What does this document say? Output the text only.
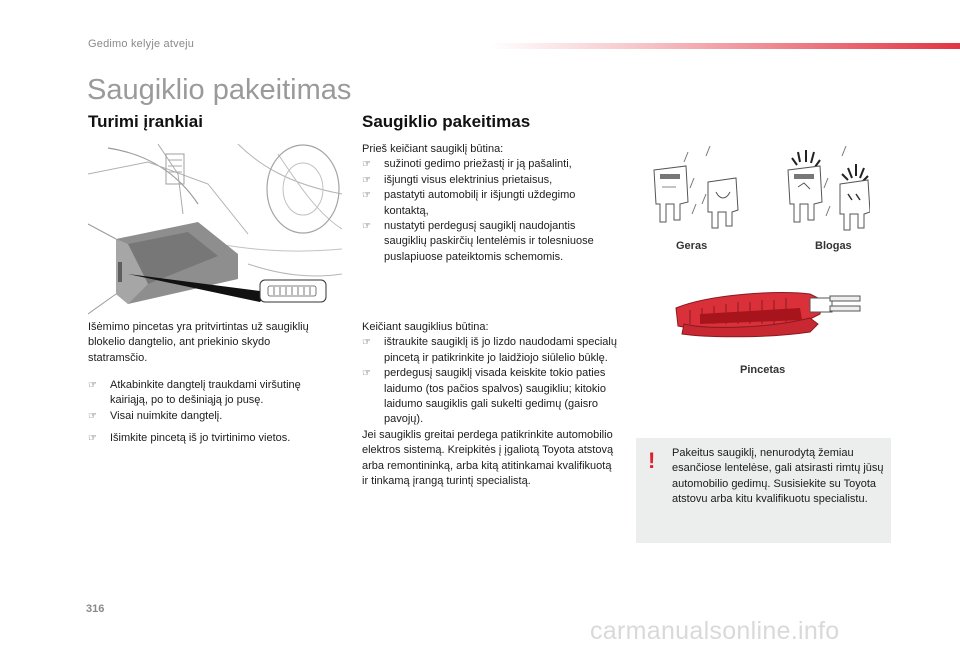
Gedimo kelyje atveju
Saugiklio pakeitimas
Turimi įrankiai
Išėmimo pincetas yra pritvirtintas už saugiklių blokelio dangtelio, ant priekinio skydo statramsčio.
☞ Atkabinkite dangtelį traukdami viršutinę kairiąją, po to dešiniąją jo pusę.
☞ Visai nuimkite dangtelį.
☞ Išimkite pincetą iš jo tvirtinimo vietos.
Saugiklio pakeitimas
Prieš keičiant saugiklį būtina:
☞ sužinoti gedimo priežastį ir ją pašalinti,
☞ išjungti visus elektrinius prietaisus,
☞ pastatyti automobilį ir išjungti uždegimo kontaktą,
☞ nustatyti perdegusį saugiklį naudojantis saugiklių paskirčių lentelėmis ir tolesniuose puslapiuose pateiktomis schemomis.
Keičiant saugiklius būtina:
☞ ištraukite saugiklį iš jo lizdo naudodami specialų pincetą ir patikrinkite jo laidžiojo siūlelio būklę.
☞ perdegusį saugiklį visada keiskite tokio paties laidumo (tos pačios spalvos) saugikliu; kitokio laidumo saugiklis gali sukelti gedimų (gaisro pavojų).
Jei saugiklis greitai perdega patikrinkite automobilio elektros sistemą. Kreipkitės į įgaliotą Toyota atstovą arba remontininką, arba kitą atitinkamai kvalifikuotą ir tinkamą įrangą turintį specialistą.
Geras	Blogas
Pincetas
! Pakeitus saugiklį, nenurodytą žemiau esančiose lentelėse, gali atsirasti rimtų jūsų automobilio gedimų. Susisiekite su Toyota atstovu arba kitu kvalifikuotu specialistu.
316
carmanualsonline.info
